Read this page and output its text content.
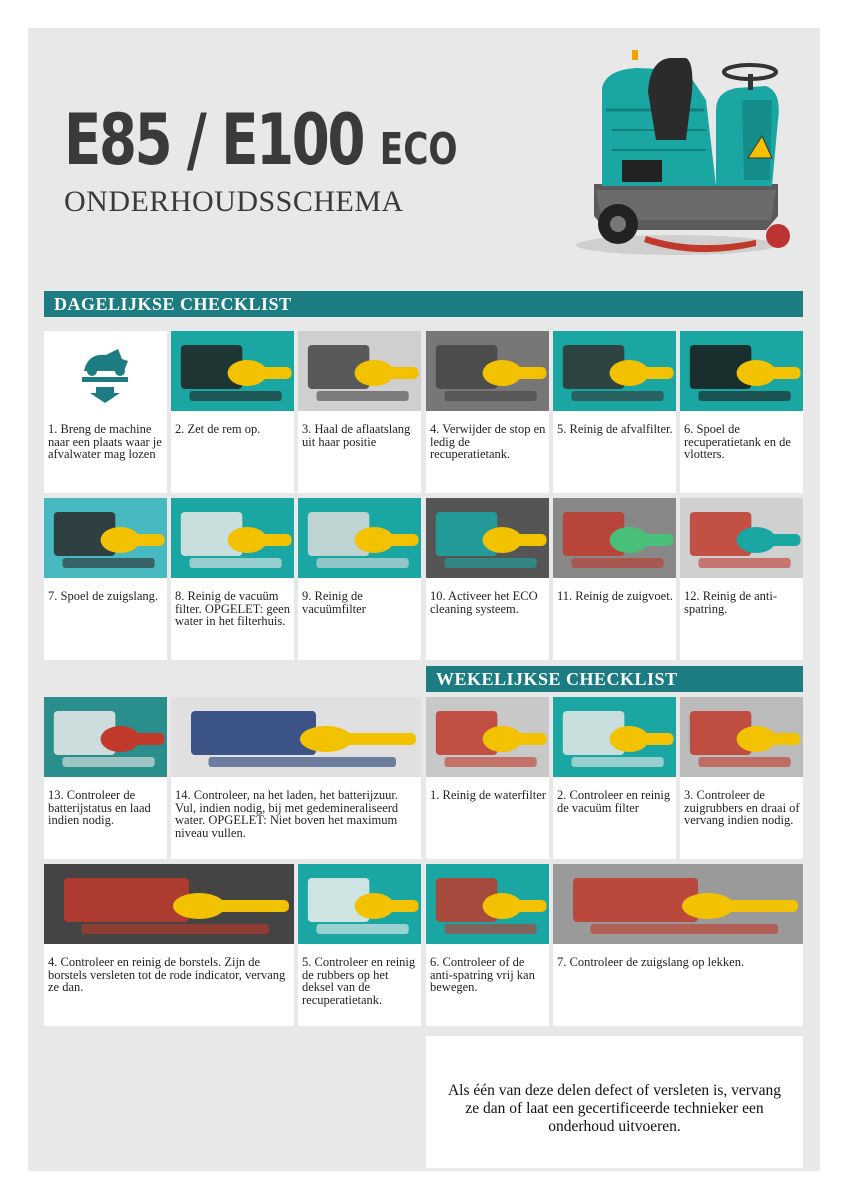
E85 / E100 ECO
ONDERHOUDSSCHEMA
DAGELIJKSE CHECKLIST
WEKELIJKSE CHECKLIST
1. Breng de machine naar een plaats waar je afvalwater mag lozen
2. Zet de rem op.	3. Haal de aflaatslang uit haar positie
4. Verwijder de stop en ledig de recuperatietank.
5. Reinig de afvalfilter. 6. Spoel de recuperatietank en de vlotters.
7. Spoel de zuigslang.	8. Reinig de vacuüm filter. OPGELET: geen water in het filterhuis.
9. Reinig de vacuümfilter
10. Activeer het ECO cleaning systeem.
11. Reinig de zuigvoet. 12. Reinig de anti-spatring.
13. Controleer de batterijstatus en laad indien nodig.
14. Controleer, na het laden, het batterijzuur. Vul, indien nodig, bij met gedemineraliseerd water. OPGELET: Niet boven het maximum niveau vullen.
1. Reinig de waterfilter 2. Controleer en reinig de vacuüm filter
3. Controleer de zuigrubbers en draai of vervang indien nodig.
4. Controleer en reinig de borstels. Zijn de borstels versleten tot de rode indicator, vervang ze dan.
5. Controleer en reinig de rubbers op het deksel van de recuperatietank.
6. Controleer of de anti-spatring vrij kan bewegen.
7. Controleer de zuigslang op lekken.

Als één van deze delen defect of versleten is, vervang ze dan of laat een gecertificeerde technieker een onderhoud uitvoeren.
